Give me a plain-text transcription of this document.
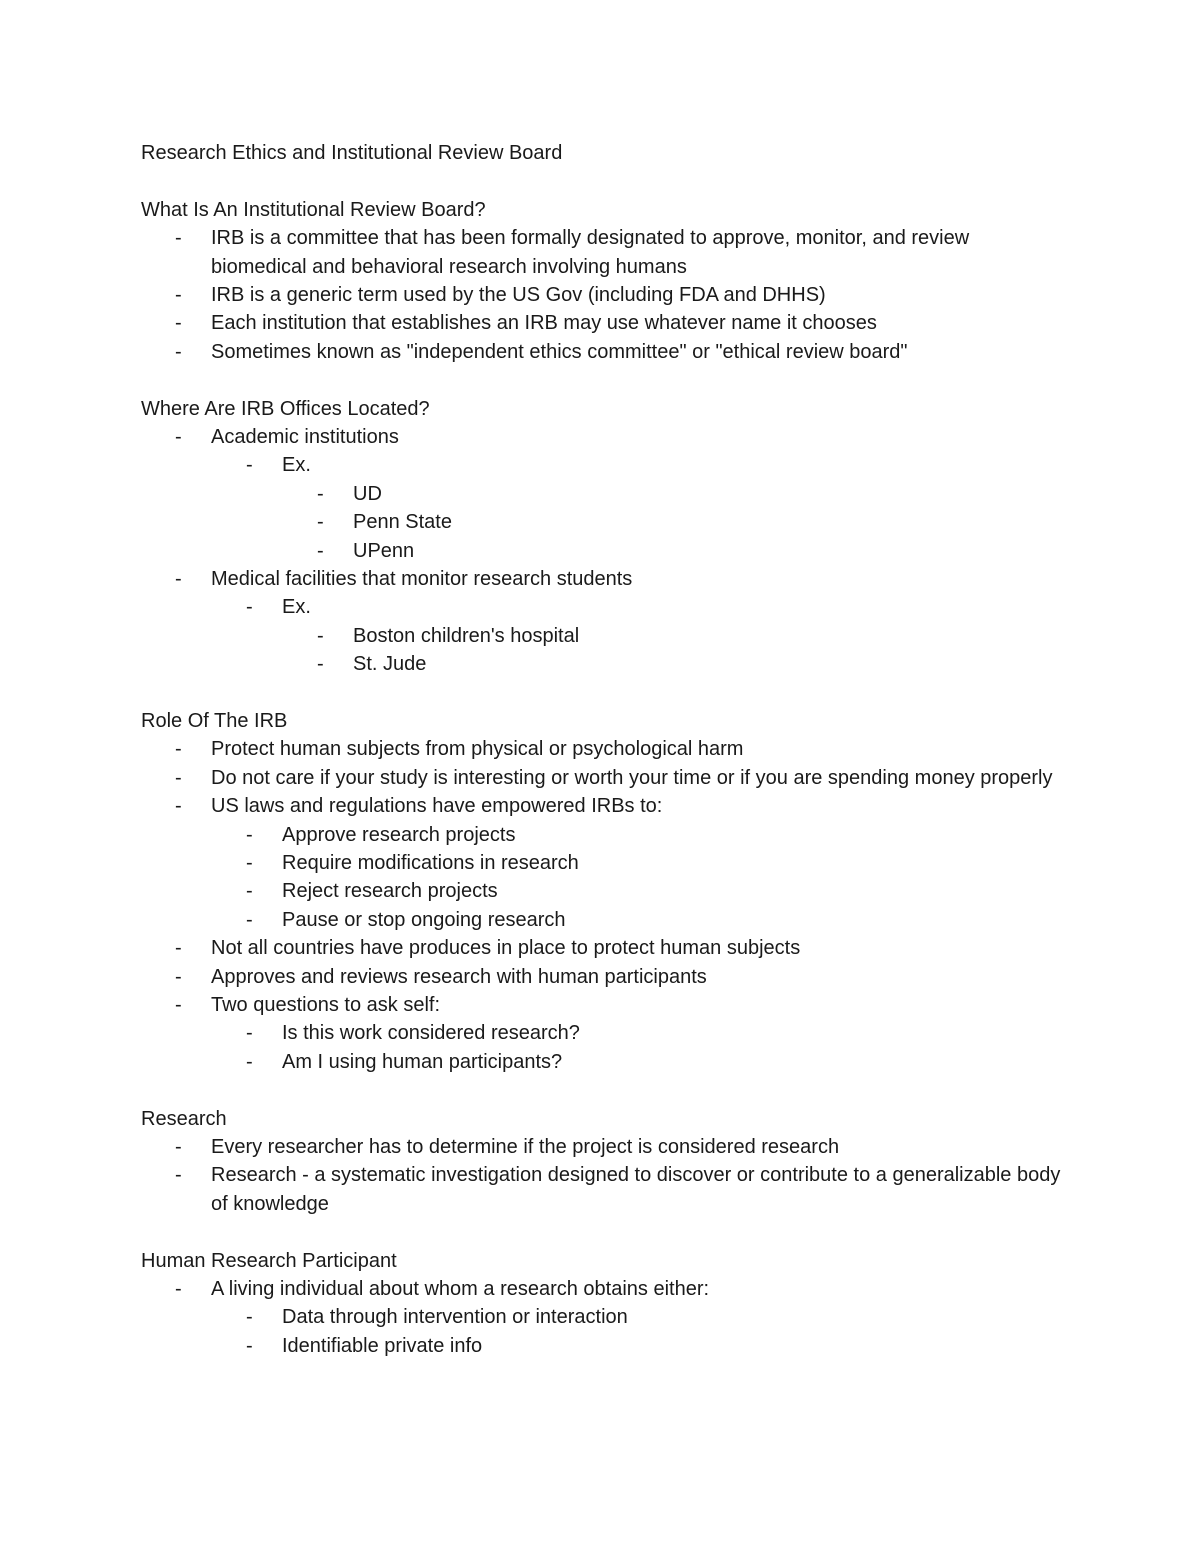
Research Ethics and Institutional Review Board
What Is An Institutional Review Board?
-	IRB is a committee that has been formally designated to approve, monitor, and review biomedical and behavioral research involving humans
-	IRB is a generic term used by the US Gov (including FDA and DHHS)
-	Each institution that establishes an IRB may use whatever name it chooses
-	Sometimes known as "independent ethics committee" or "ethical review board"
Where Are IRB Offices Located?
-	Academic institutions
-	Ex.
-	UD
-	Penn State
-	UPenn
-	Medical facilities that monitor research students
-	Ex.
-	Boston children's hospital
-	St. Jude
Role Of The IRB
-	Protect human subjects from physical or psychological harm
-	Do not care if your study is interesting or worth your time or if you are spending money properly
-	US laws and regulations have empowered IRBs to:
-	Approve research projects
-	Require modifications in research
-	Reject research projects
-	Pause or stop ongoing research
-	Not all countries have produces in place to protect human subjects
-	Approves and reviews research with human participants
-	Two questions to ask self:
-	Is this work considered research?
-	Am I using human participants?
Research
-	Every researcher has to determine if the project is considered research
-	Research - a systematic investigation designed to discover or contribute to a generalizable body of knowledge
Human Research Participant
-	A living individual about whom a research obtains either:
-	Data through intervention or interaction
-	Identifiable private info
